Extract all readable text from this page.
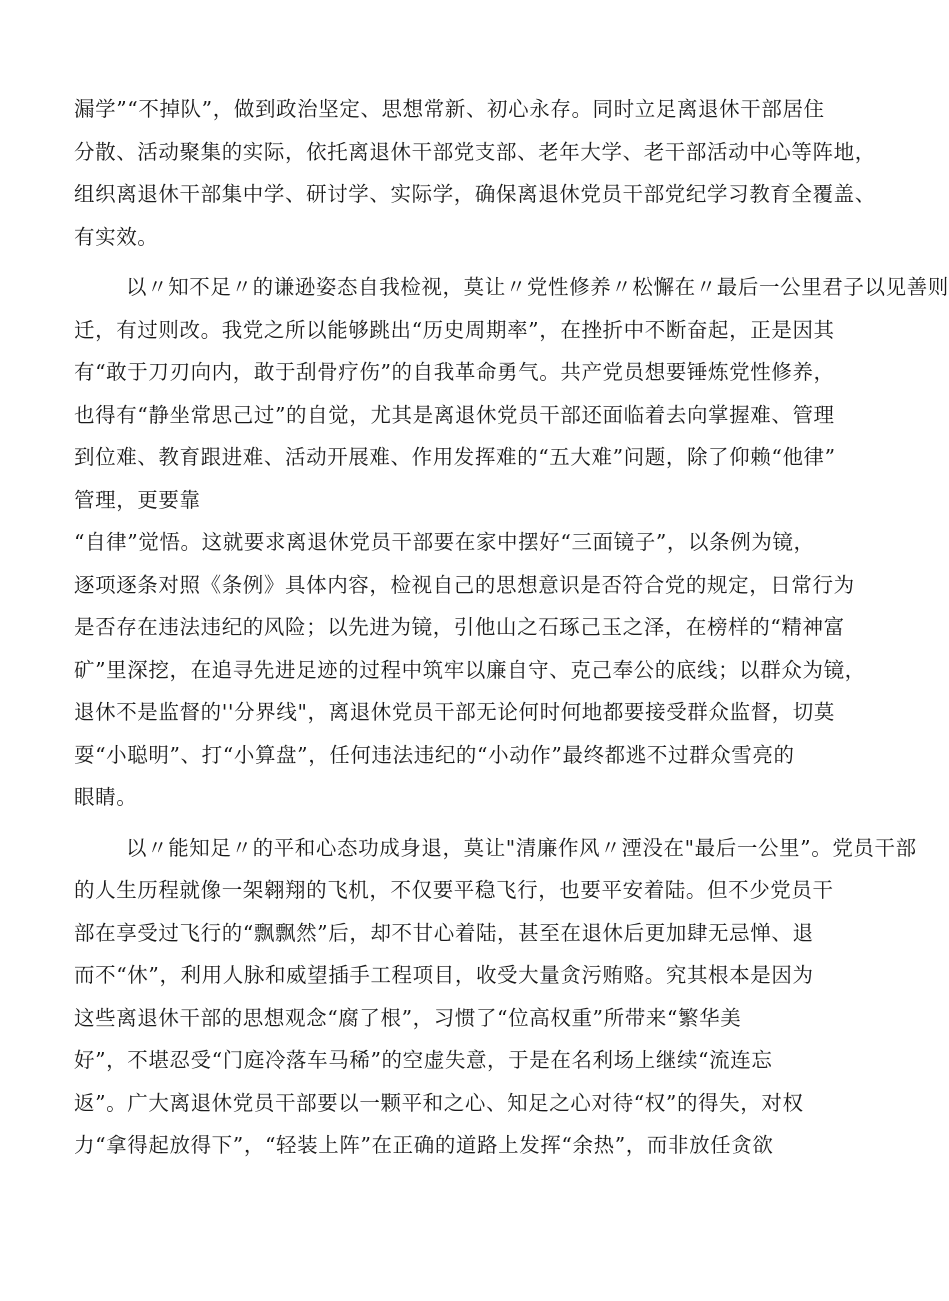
漏学”“不掉队”，做到政治坚定、思想常新、初心永存。同时立足离退休干部居住
分散、活动聚集的实际，依托离退休干部党支部、老年大学、老干部活动中心等阵地，
组织离退休干部集中学、研讨学、实际学，确保离退休党员干部党纪学习教育全覆盖、
有实效。
以〃知不足〃的谦逊姿态自我检视，莫让〃党性修养〃松懈在〃最后一公里君子以见善则
迁，有过则改。我党之所以能够跳出“历史周期率”，在挫折中不断奋起，正是因其
有“敢于刀刃向内，敢于刮骨疗伤”的自我革命勇气。共产党员想要锤炼党性修养，
也得有“静坐常思己过”的自觉，尤其是离退休党员干部还面临着去向掌握难、管理
到位难、教育跟进难、活动开展难、作用发挥难的“五大难”问题，除了仰赖“他律”
管理，更要靠
“自律”觉悟。这就要求离退休党员干部要在家中摆好“三面镜子”，以条例为镜，
逐项逐条对照《条例》具体内容，检视自己的思想意识是否符合党的规定，日常行为
是否存在违法违纪的风险；以先进为镜，引他山之石琢己玉之泽，在榜样的“精神富
矿”里深挖，在追寻先进足迹的过程中筑牢以廉自守、克己奉公的底线；以群众为镜，
退休不是监督的''分界线"，离退休党员干部无论何时何地都要接受群众监督，切莫
耍“小聪明”、打“小算盘”，任何违法违纪的“小动作”最终都逃不过群众雪亮的
眼睛。
以〃能知足〃的平和心态功成身退，莫让"清廉作风〃湮没在"最后一公里”。党员干部
的人生历程就像一架翱翔的飞机，不仅要平稳飞行，也要平安着陆。但不少党员干
部在享受过飞行的“飘飘然”后，却不甘心着陆，甚至在退休后更加肆无忌惮、退
而不“休”，利用人脉和威望插手工程项目，收受大量贪污贿赂。究其根本是因为
这些离退休干部的思想观念“腐了根”，习惯了“位高权重”所带来“繁华美
好”，不堪忍受“门庭冷落车马稀”的空虚失意，于是在名利场上继续“流连忘
返”。广大离退休党员干部要以一颗平和之心、知足之心对待“权”的得失，对权
力“拿得起放得下”，“轻装上阵”在正确的道路上发挥“余热”，而非放任贪欲
